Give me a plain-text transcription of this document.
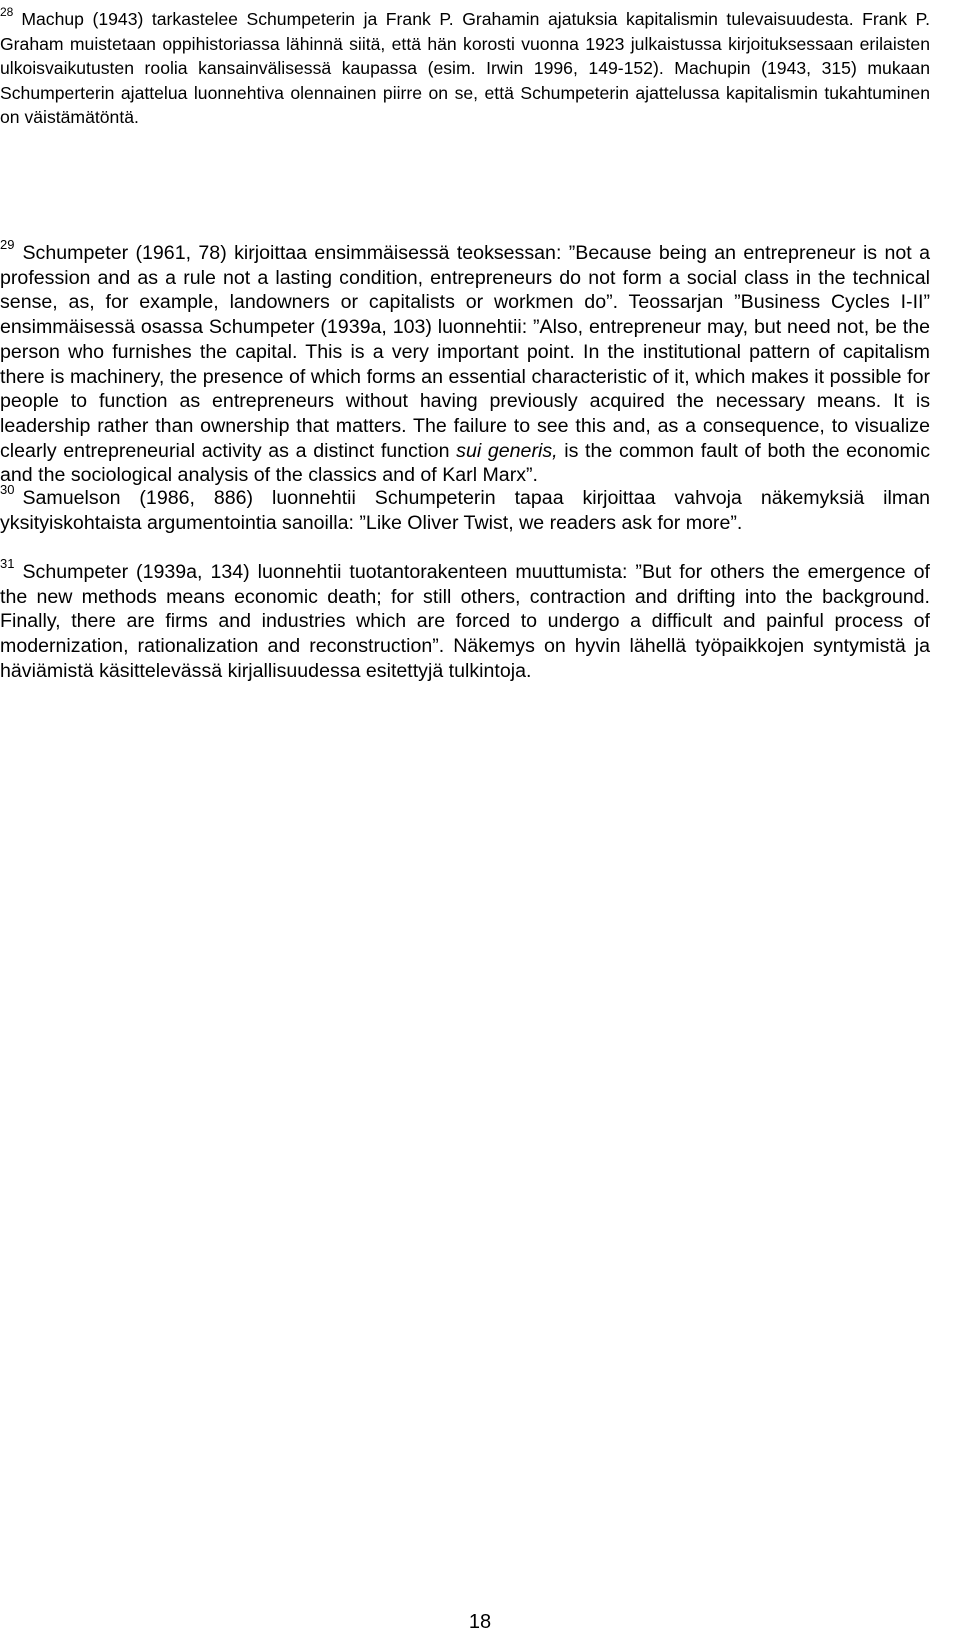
$^{28}$ Machup (1943) tarkastelee Schumpeterin ja Frank P. Grahamin ajatuksia kapitalismin tulevaisuudesta. Frank P. Graham muistetaan oppihistoriassa lähinnä siitä, että hän korosti vuonna 1923 julkaistussa kirjoituksessaan erilaisten ulkoisvaikutusten roolia kansainvälisessä kaupassa (esim. Irwin 1996, 149-152). Machupin (1943, 315) mukaan Schumperterin ajattelua luonnehtiva olennainen piirre on se, että Schumpeterin ajattelussa kapitalismin tukahtuminen on väistämätöntä.

$^{29}$ Schumpeter (1961, 78) kirjoittaa ensimmäisessä teoksessan: ”Because being an entrepreneur is not a profession and as a rule not a lasting condition, entrepreneurs do not form a social class in the technical sense, as, for example, landowners or capitalists or workmen do”. Teossarjan ”Business Cycles I-II” ensimmäisessä osassa Schumpeter (1939a, 103) luonnehtii: ”Also, entrepreneur may, but need not, be the person who furnishes the capital. This is a very important point. In the institutional pattern of capitalism there is machinery, the presence of which forms an essential characteristic of it, which makes it possible for people to function as entrepreneurs without having previously acquired the necessary means. It is leadership rather than ownership that matters. The failure to see this and, as a consequence, to visualize clearly entrepreneurial activity as a distinct function sui generis, is the common fault of both the economic and the sociological analysis of the classics and of Karl Marx”.

$^{30}$ Samuelson (1986, 886) luonnehtii Schumpeterin tapaa kirjoittaa vahvoja näkemyksiä ilman yksityiskohtaista argumentointia sanoilla: ”Like Oliver Twist, we readers ask for more”.

$^{31}$ Schumpeter (1939a, 134) luonnehtii tuotantorakenteen muuttumista: ”But for others the emergence of the new methods means economic death; for still others, contraction and drifting into the background. Finally, there are firms and industries which are forced to undergo a difficult and painful process of modernization, rationalization and reconstruction”. Näkemys on hyvin lähellä työpaikkojen syntymistä ja häviämistä käsittelevässä kirjallisuudessa esitettyjä tulkintoja.

18
